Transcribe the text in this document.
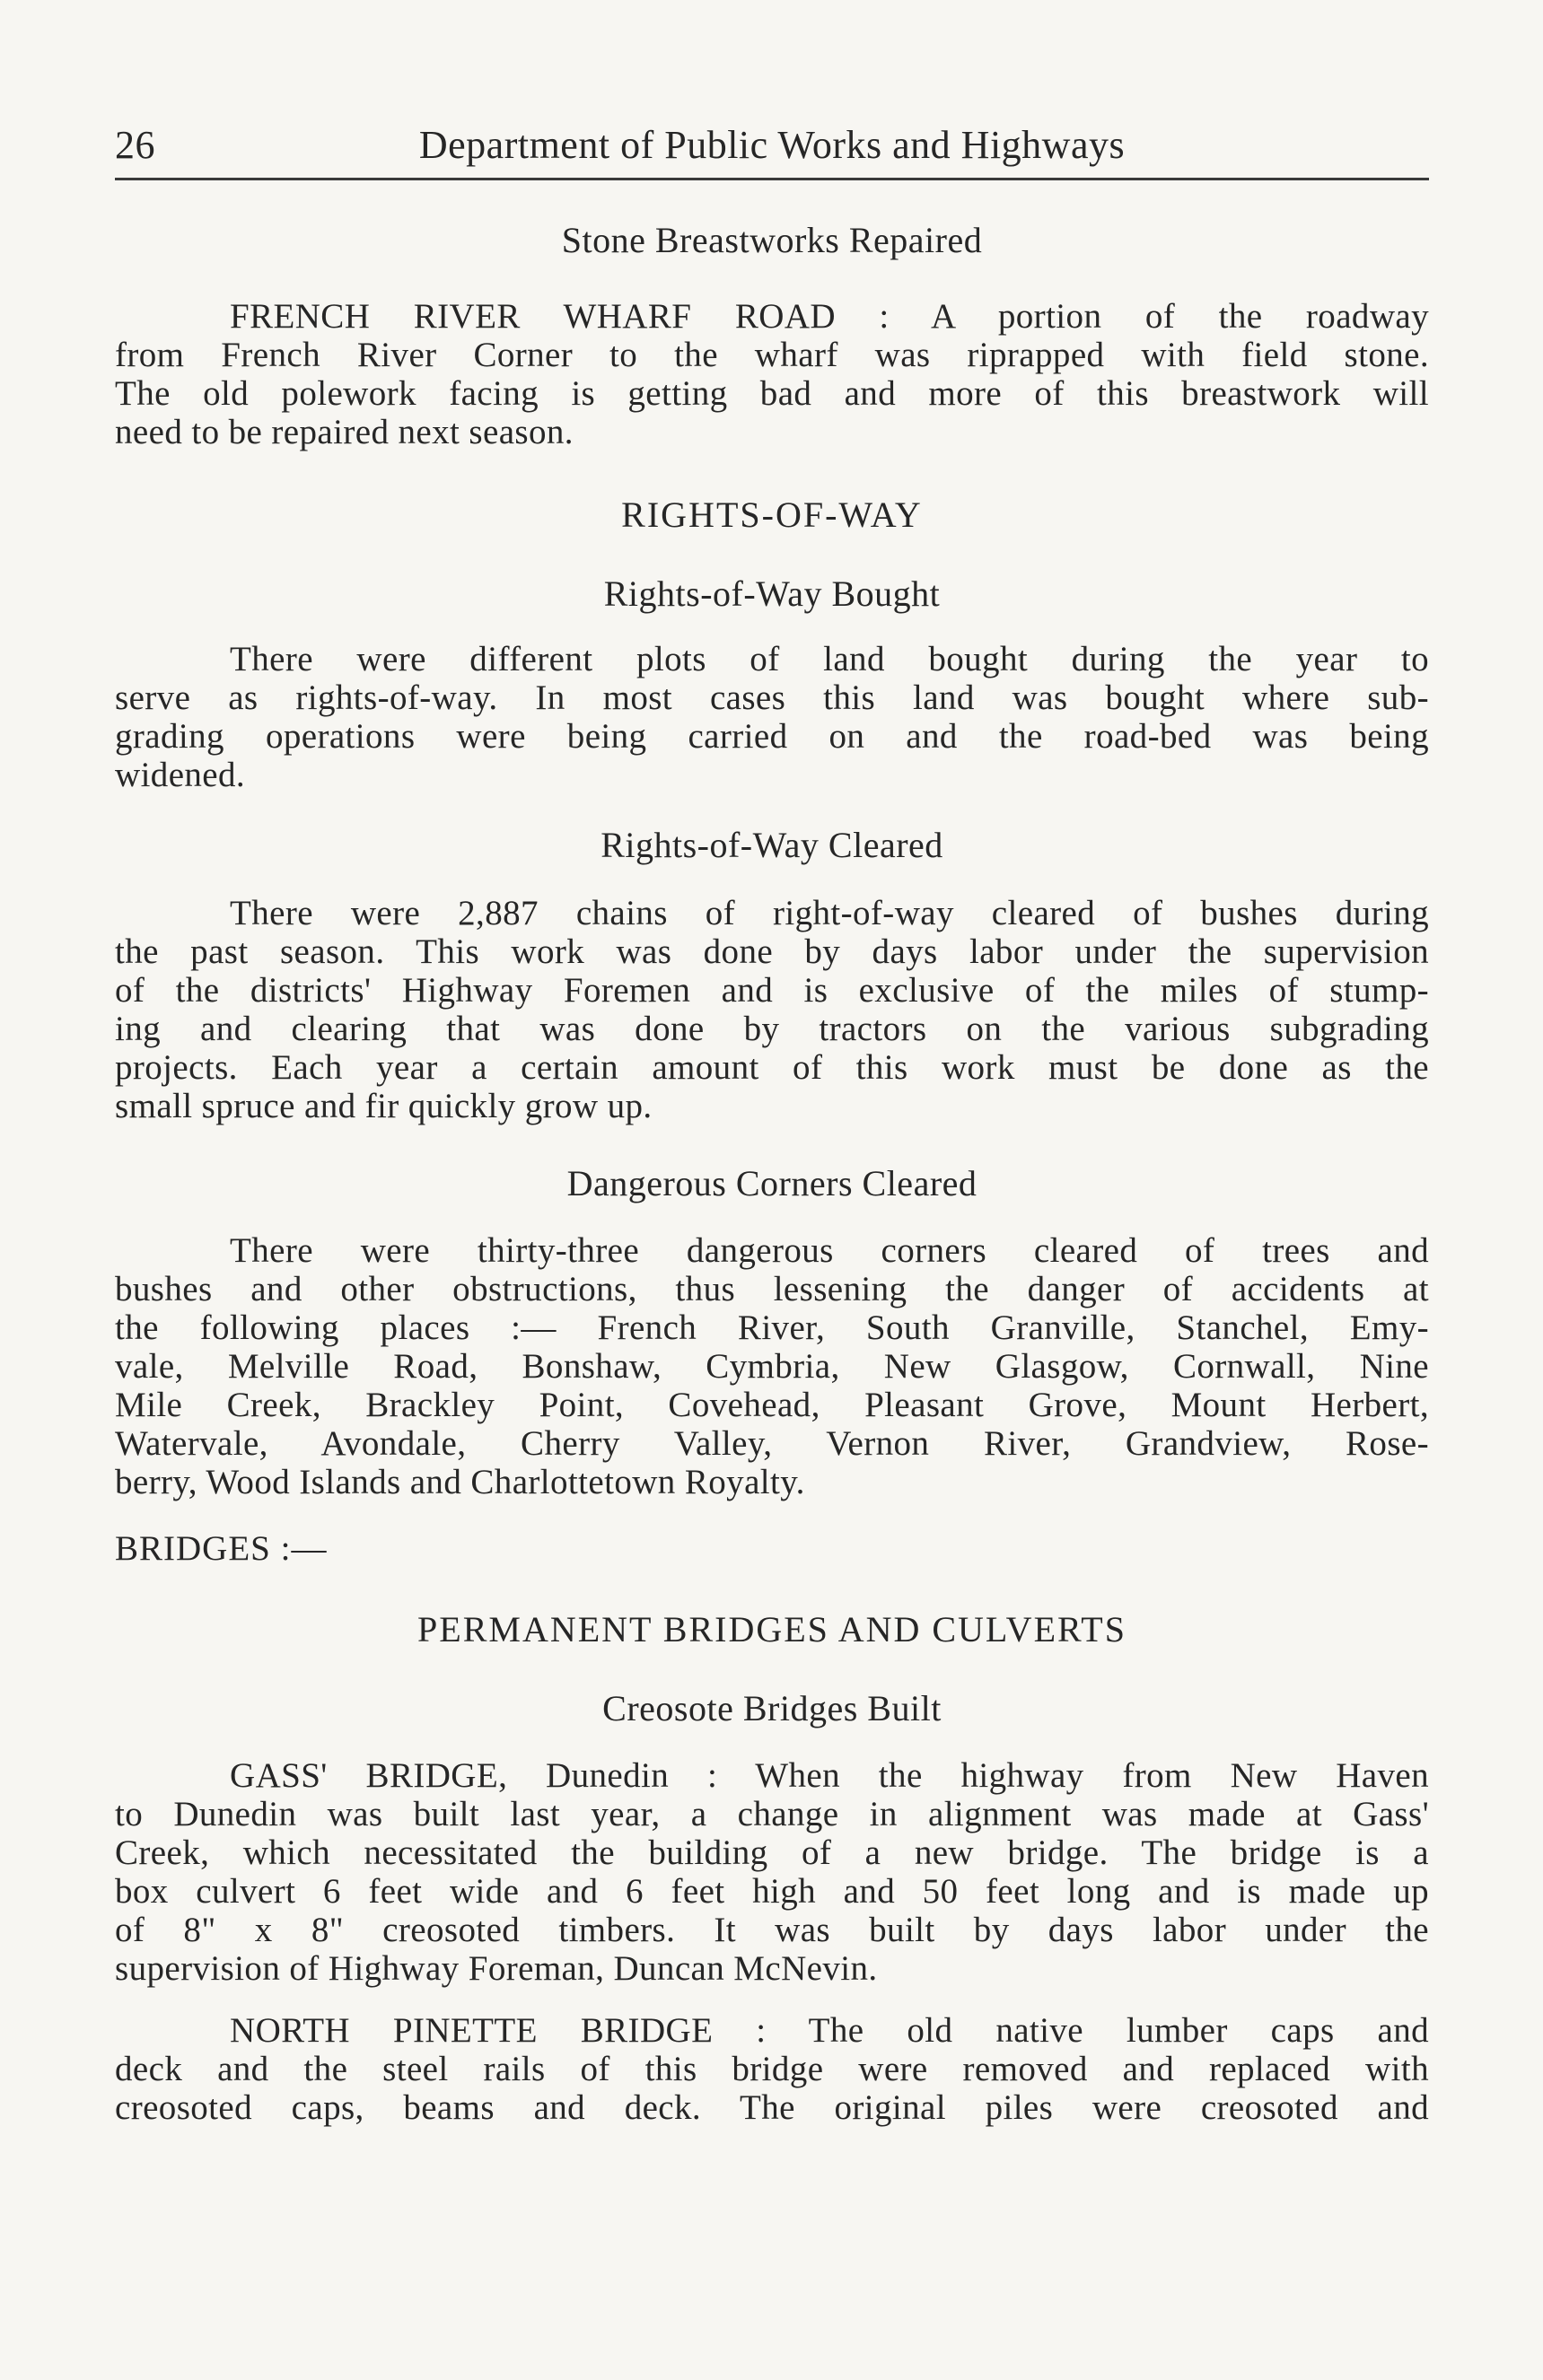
26	Department of Public Works and Highways
Stone Breastworks Repaired
FRENCH RIVER WHARF ROAD : A portion of the roadway
from French River Corner to the wharf was riprapped with field stone.
The old polework facing is getting bad and more of this breastwork will
need to be repaired next season.
RIGHTS-OF-WAY
Rights-of-Way Bought
There were different plots of land bought during the year to
serve as rights-of-way. In most cases this land was bought where sub-
grading operations were being carried on and the road-bed was being
widened.
Rights-of-Way Cleared
There were 2,887 chains of right-of-way cleared of bushes during
the past season. This work was done by days labor under the supervision
of the districts' Highway Foremen and is exclusive of the miles of stump-
ing and clearing that was done by tractors on the various subgrading
projects. Each year a certain amount of this work must be done as the
small spruce and fir quickly grow up.
Dangerous Corners Cleared
There were thirty-three dangerous corners cleared of trees and
bushes and other obstructions, thus lessening the danger of accidents at
the following places :— French River, South Granville, Stanchel, Emy-
vale, Melville Road, Bonshaw, Cymbria, New Glasgow, Cornwall, Nine
Mile Creek, Brackley Point, Covehead, Pleasant Grove, Mount Herbert,
Watervale, Avondale, Cherry Valley, Vernon River, Grandview, Rose-
berry, Wood Islands and Charlottetown Royalty.
BRIDGES :—
PERMANENT BRIDGES AND CULVERTS
Creosote Bridges Built
GASS' BRIDGE, Dunedin : When the highway from New Haven
to Dunedin was built last year, a change in alignment was made at Gass'
Creek, which necessitated the building of a new bridge. The bridge is a
box culvert 6 feet wide and 6 feet high and 50 feet long and is made up
of 8" x 8" creosoted timbers. It was built by days labor under the
supervision of Highway Foreman, Duncan McNevin.
NORTH PINETTE BRIDGE : The old native lumber caps and
deck and the steel rails of this bridge were removed and replaced with
creosoted caps, beams and deck. The original piles were creosoted and
